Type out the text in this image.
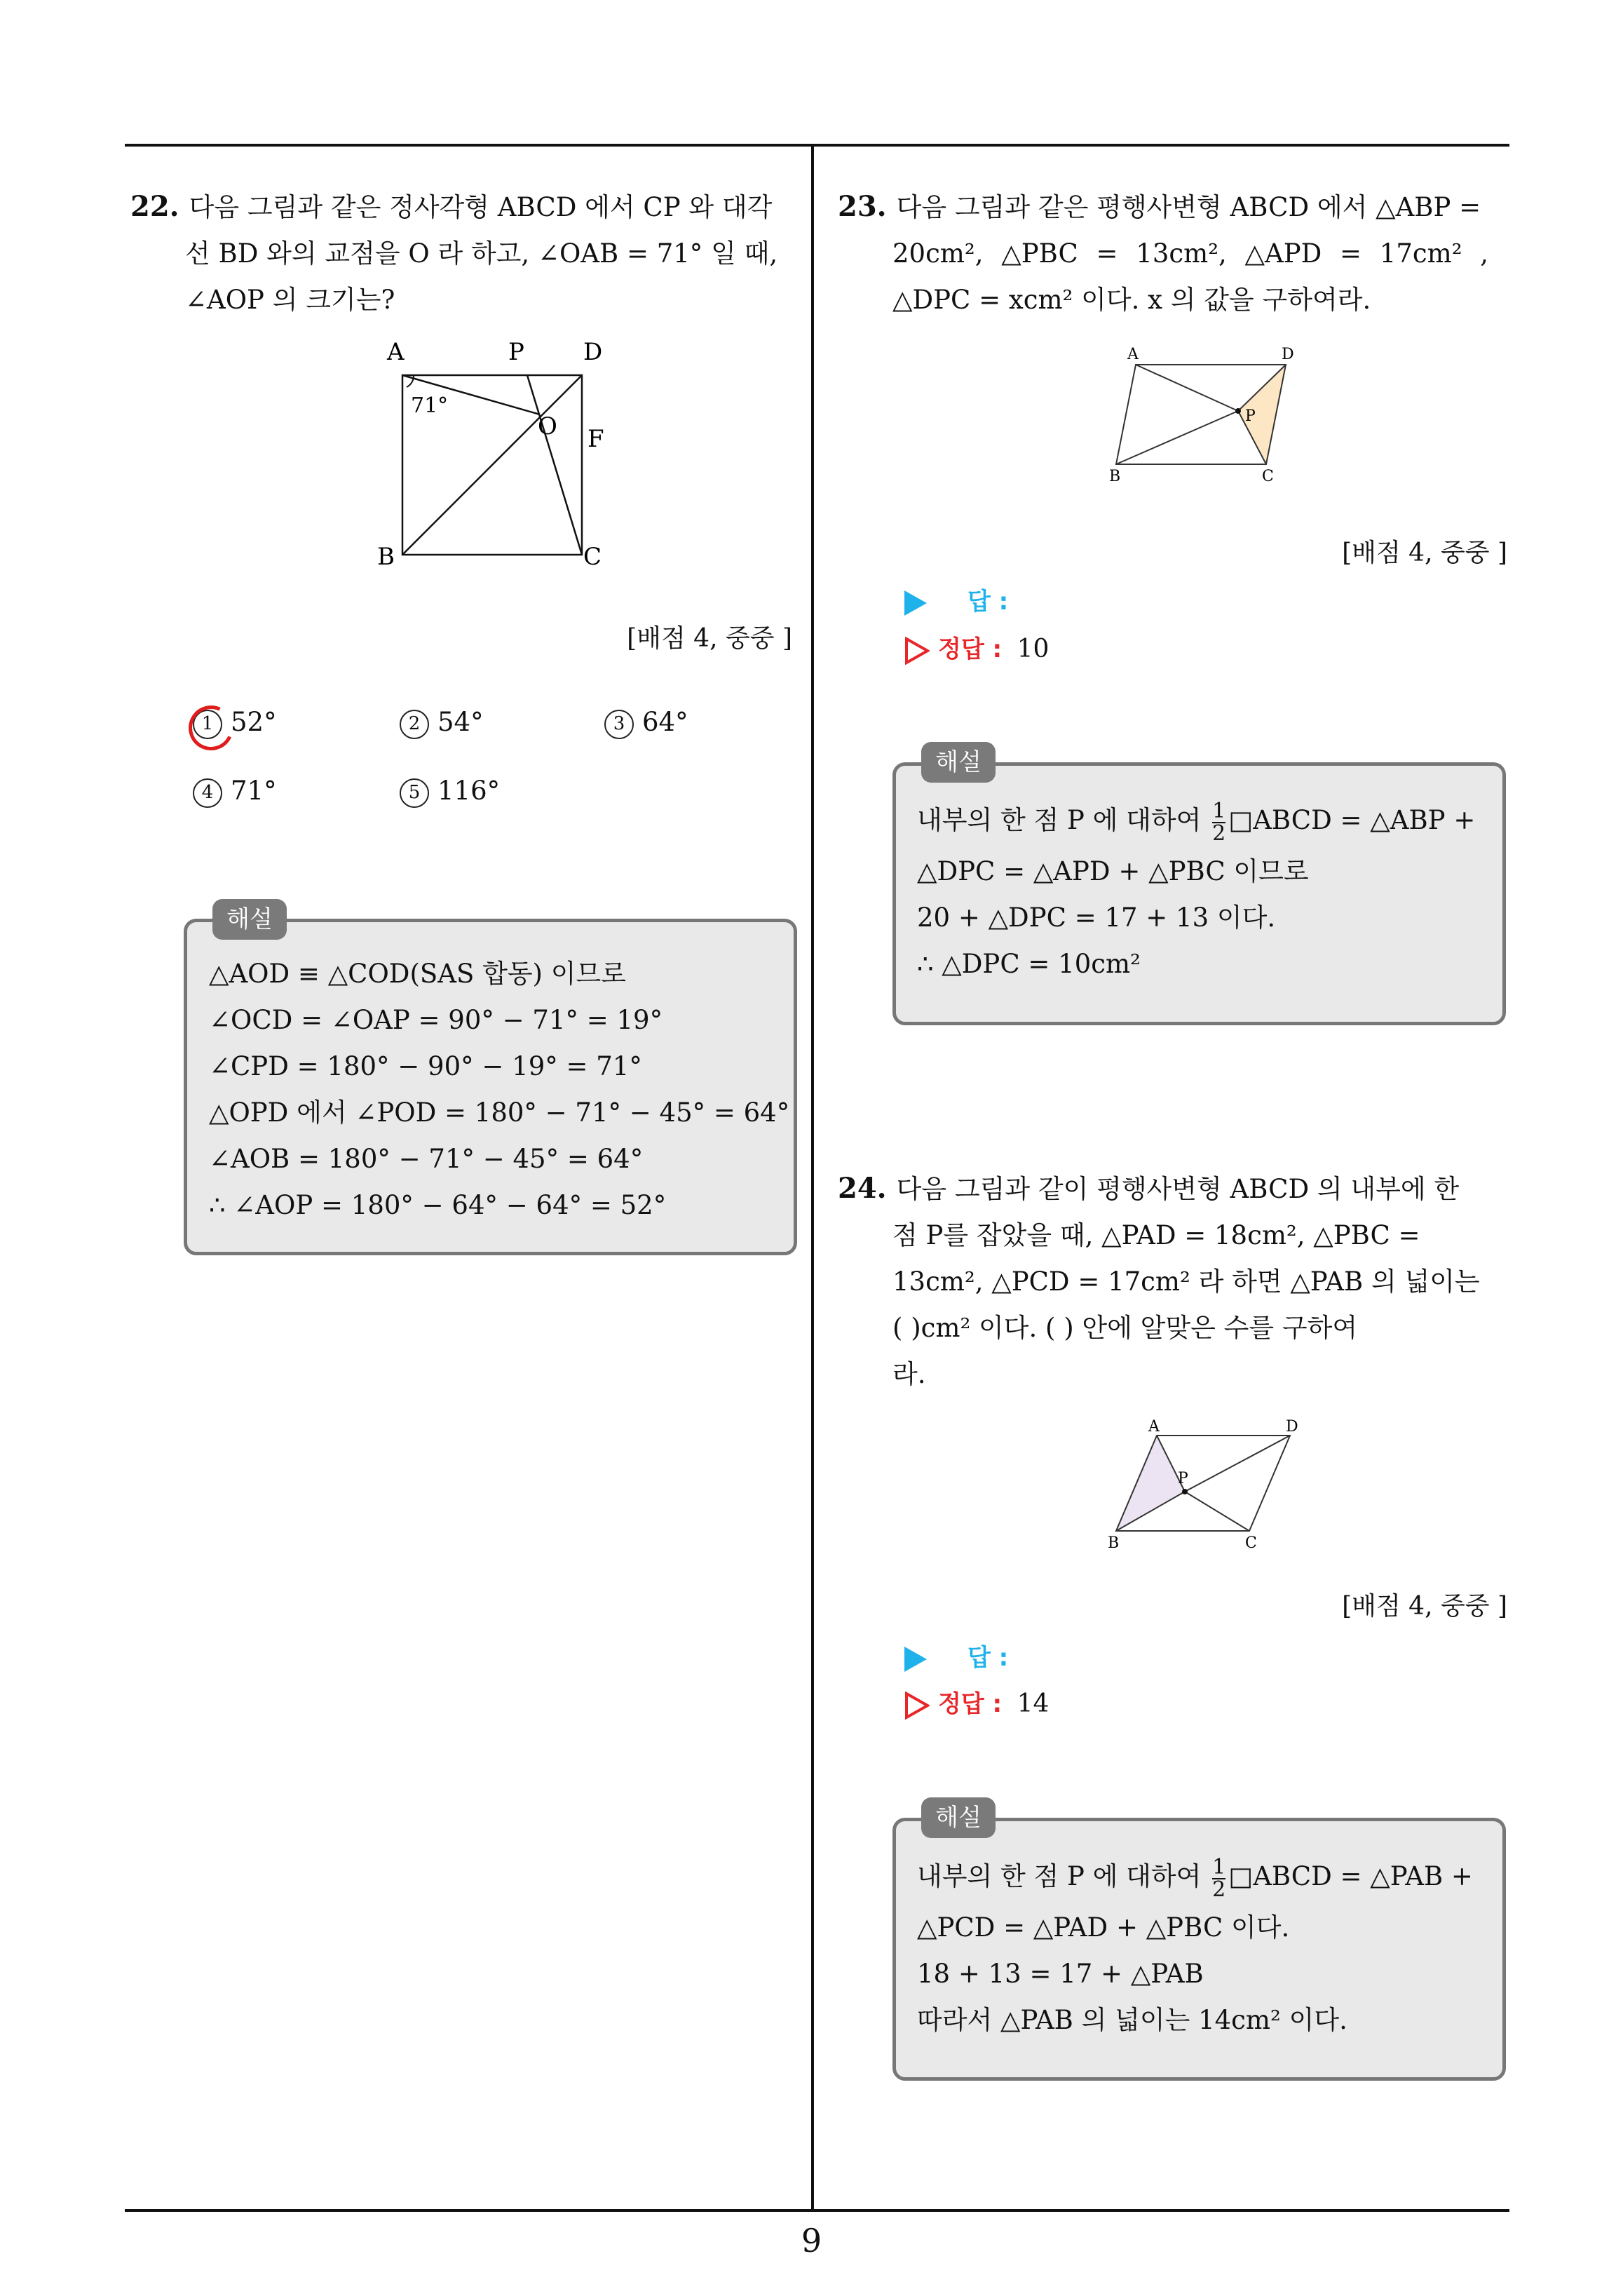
22. 다음 그림과 같은 정사각형 ABCD 에서 CP 와 대각
선 BD 와의 교점을 O 라 하고, ∠OAB = 71° 일 때,
∠AOP 의 크기는?
A	P D
71°
O F
B	C
[배점 4, 중중 ]
1 52°	2 54°	3 64°
4 71°	5 116°
해설
△AOD ≡ △COD(SAS 합동) 이므로
∠OCD = ∠OAP = 90° − 71° = 19°
∠CPD = 180° − 90° − 19° = 71°
△OPD 에서 ∠POD = 180° − 71° − 45° = 64°
∠AOB = 180° − 71° − 45° = 64°
∴ ∠AOP = 180° − 64° − 64° = 52°
23. 다음 그림과 같은 평행사변형 ABCD 에서 △ABP =
20cm², △PBC = 13cm², △APD = 17cm² ,
△DPC = xcm² 이다. x 의 값을 구하여라.
A	D
P
B	C
[배점 4, 중중 ]
답 :
정답 : 10
해설
내부의 한 점 P 에 대하여 $\frac{1}{2}$ □ABCD = △ABP +
△DPC = △APD + △PBC 이므로
20 + △DPC = 17 + 13 이다.
∴ △DPC = 10cm²
24. 다음 그림과 같이 평행사변형 ABCD 의 내부에 한
점 P를 잡았을 때, △PAD = 18cm², △PBC =
13cm², △PCD = 17cm² 라 하면 △PAB 의 넓이는
( )cm² 이다. ( ) 안에 알맞은 수를 구하여
라.
A	D
P
B	C
[배점 4, 중중 ]
답 :
정답 : 14
해설
내부의 한 점 P 에 대하여 $\frac{1}{2}$ □ABCD = △PAB +
△PCD = △PAD + △PBC 이다.
18 + 13 = 17 + △PAB
따라서 △PAB 의 넓이는 14cm² 이다.
9
